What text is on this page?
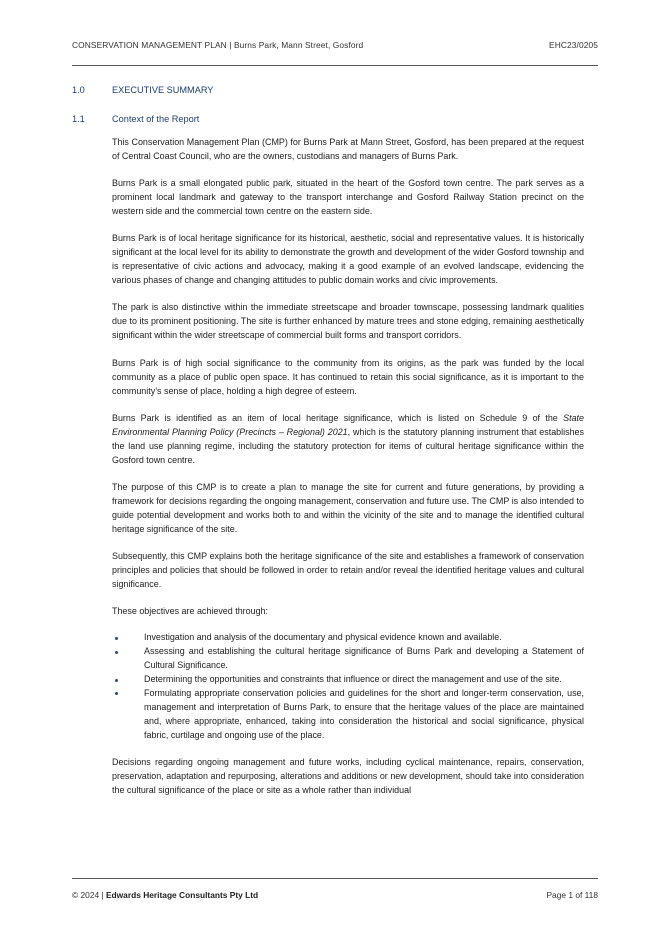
CONSERVATION MANAGEMENT PLAN | Burns Park, Mann Street, Gosford	EHC23/0205
1.0	EXECUTIVE SUMMARY
1.1	Context of the Report

This Conservation Management Plan (CMP) for Burns Park at Mann Street, Gosford, has been prepared at the request of Central Coast Council, who are the owners, custodians and managers of Burns Park.

Burns Park is a small elongated public park, situated in the heart of the Gosford town centre. The park serves as a prominent local landmark and gateway to the transport interchange and Gosford Railway Station precinct on the western side and the commercial town centre on the eastern side.

Burns Park is of local heritage significance for its historical, aesthetic, social and representative values. It is historically significant at the local level for its ability to demonstrate the growth and development of the wider Gosford township and is representative of civic actions and advocacy, making it a good example of an evolved landscape, evidencing the various phases of change and changing attitudes to public domain works and civic improvements.

The park is also distinctive within the immediate streetscape and broader townscape, possessing landmark qualities due to its prominent positioning. The site is further enhanced by mature trees and stone edging, remaining aesthetically significant within the wider streetscape of commercial built forms and transport corridors.

Burns Park is of high social significance to the community from its origins, as the park was funded by the local community as a place of public open space. It has continued to retain this social significance, as it is important to the community’s sense of place, holding a high degree of esteem.

Burns Park is identified as an item of local heritage significance, which is listed on Schedule 9 of the State Environmental Planning Policy (Precincts – Regional) 2021, which is the statutory planning instrument that establishes the land use planning regime, including the statutory protection for items of cultural heritage significance within the Gosford town centre.

The purpose of this CMP is to create a plan to manage the site for current and future generations, by providing a framework for decisions regarding the ongoing management, conservation and future use. The CMP is also intended to guide potential development and works both to and within the vicinity of the site and to manage the identified cultural heritage significance of the site.

Subsequently, this CMP explains both the heritage significance of the site and establishes a framework of conservation principles and policies that should be followed in order to retain and/or reveal the identified heritage values and cultural significance.

These objectives are achieved through:

Investigation and analysis of the documentary and physical evidence known and available.
Assessing and establishing the cultural heritage significance of Burns Park and developing a Statement of Cultural Significance.
Determining the opportunities and constraints that influence or direct the management and use of the site.
Formulating appropriate conservation policies and guidelines for the short and longer-term conservation, use, management and interpretation of Burns Park, to ensure that the heritage values of the place are maintained and, where appropriate, enhanced, taking into consideration the historical and social significance, physical fabric, curtilage and ongoing use of the place.

Decisions regarding ongoing management and future works, including cyclical maintenance, repairs, conservation, preservation, adaptation and repurposing, alterations and additions or new development, should take into consideration the cultural significance of the place or site as a whole rather than individual

© 2024 | Edwards Heritage Consultants Pty Ltd	Page 1 of 118
